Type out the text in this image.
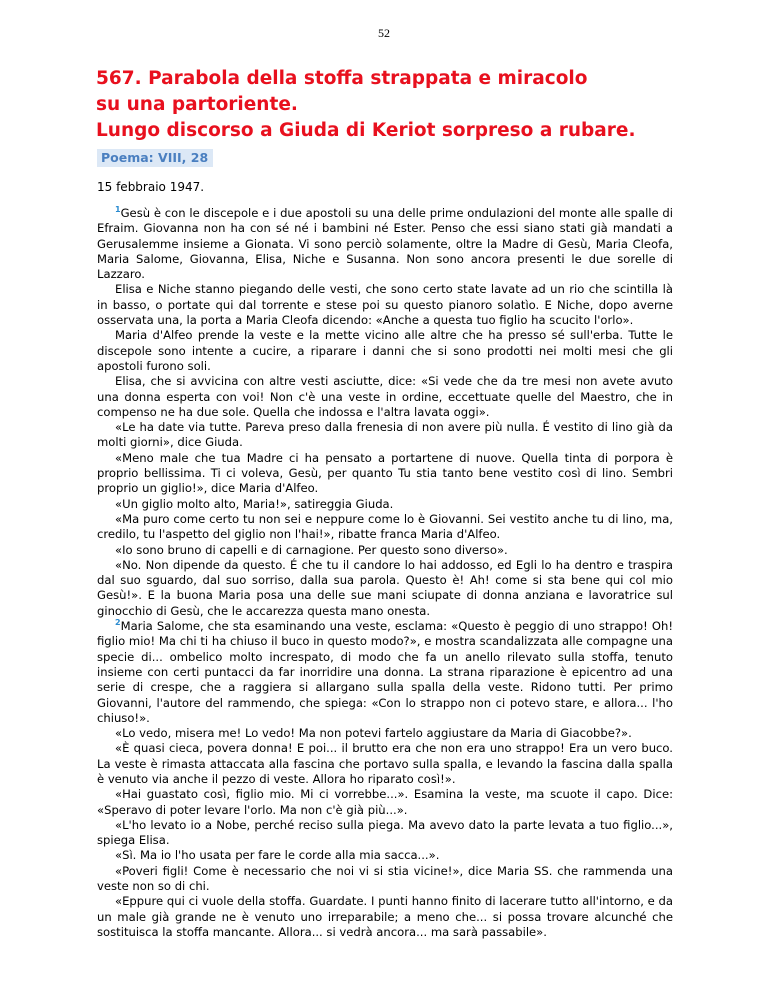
52
567. Parabola della stoffa strappata e miracolo
su una partoriente.
Lungo discorso a Giuda di Keriot sorpreso a rubare.
Poema: VIII, 28
15 febbraio 1947.

$^1$Gesù è con le discepole e i due apostoli su una delle prime ondulazioni del monte alle spalle di Efraim. Giovanna non ha con sé né i bambini né Ester. Penso che essi siano stati già mandati a Gerusalemme insieme a Gionata. Vi sono perciò solamente, oltre la Madre di Gesù, Maria Cleofa, Maria Salome, Giovanna, Elisa, Niche e Susanna. Non sono ancora presenti le due sorelle di Lazzaro.

Elisa e Niche stanno piegando delle vesti, che sono certo state lavate ad un rio che scintilla là in basso, o portate qui dal torrente e stese poi su questo pianoro solatìo. E Niche, dopo averne osservata una, la porta a Maria Cleofa dicendo: «Anche a questa tuo figlio ha scucito l'orlo».

Maria d'Alfeo prende la veste e la mette vicino alle altre che ha presso sé sull'erba. Tutte le discepole sono intente a cucire, a riparare i danni che si sono prodotti nei molti mesi che gli apostoli furono soli.

Elisa, che si avvicina con altre vesti asciutte, dice: «Si vede che da tre mesi non avete avuto una donna esperta con voi! Non c'è una veste in ordine, eccettuate quelle del Maestro, che in compenso ne ha due sole. Quella che indossa e l'altra lavata oggi».

«Le ha date via tutte. Pareva preso dalla frenesia di non avere più nulla. É vestito di lino già da molti giorni», dice Giuda.

«Meno male che tua Madre ci ha pensato a portartene di nuove. Quella tinta di porpora è proprio bellissima. Ti ci voleva, Gesù, per quanto Tu stia tanto bene vestito così di lino. Sembri proprio un giglio!», dice Maria d'Alfeo.

«Un giglio molto alto, Maria!», satireggia Giuda.

«Ma puro come certo tu non sei e neppure come lo è Giovanni. Sei vestito anche tu di lino, ma, credilo, tu l'aspetto del giglio non l'hai!», ribatte franca Maria d'Alfeo.

«Io sono bruno di capelli e di carnagione. Per questo sono diverso».

«No. Non dipende da questo. É che tu il candore lo hai addosso, ed Egli lo ha dentro e traspira dal suo sguardo, dal suo sorriso, dalla sua parola. Questo è! Ah! come si sta bene qui col mio Gesù!». E la buona Maria posa una delle sue mani sciupate di donna anziana e lavoratrice sul ginocchio di Gesù, che le accarezza questa mano onesta.

$^2$Maria Salome, che sta esaminando una veste, esclama: «Questo è peggio di uno strappo! Oh! figlio mio! Ma chi ti ha chiuso il buco in questo modo?», e mostra scandalizzata alle compagne una specie di... ombelico molto increspato, di modo che fa un anello rilevato sulla stoffa, tenuto insieme con certi puntacci da far inorridire una donna. La strana riparazione è epicentro ad una serie di crespe, che a raggiera si allargano sulla spalla della veste. Ridono tutti. Per primo Giovanni, l'autore del rammendo, che spiega: «Con lo strappo non ci potevo stare, e allora... l'ho chiuso!».

«Lo vedo, misera me! Lo vedo! Ma non potevi fartelo aggiustare da Maria di Giacobbe?».

«È quasi cieca, povera donna! E poi... il brutto era che non era uno strappo! Era un vero buco. La veste è rimasta attaccata alla fascina che portavo sulla spalla, e levando la fascina dalla spalla è venuto via anche il pezzo di veste. Allora ho riparato così!».

«Hai guastato così, figlio mio. Mi ci vorrebbe...». Esamina la veste, ma scuote il capo. Dice: «Speravo di poter levare l'orlo. Ma non c'è già più...».

«L'ho levato io a Nobe, perché reciso sulla piega. Ma avevo dato la parte levata a tuo figlio...», spiega Elisa.

«Sì. Ma io l'ho usata per fare le corde alla mia sacca...».

«Poveri figli! Come è necessario che noi vi si stia vicine!», dice Maria SS. che rammenda una veste non so di chi.

«Eppure qui ci vuole della stoffa. Guardate. I punti hanno finito di lacerare tutto all'intorno, e da un male già grande ne è venuto uno irreparabile; a meno che... si possa trovare alcunché che sostituisca la stoffa mancante. Allora... si vedrà ancora... ma sarà passabile».
